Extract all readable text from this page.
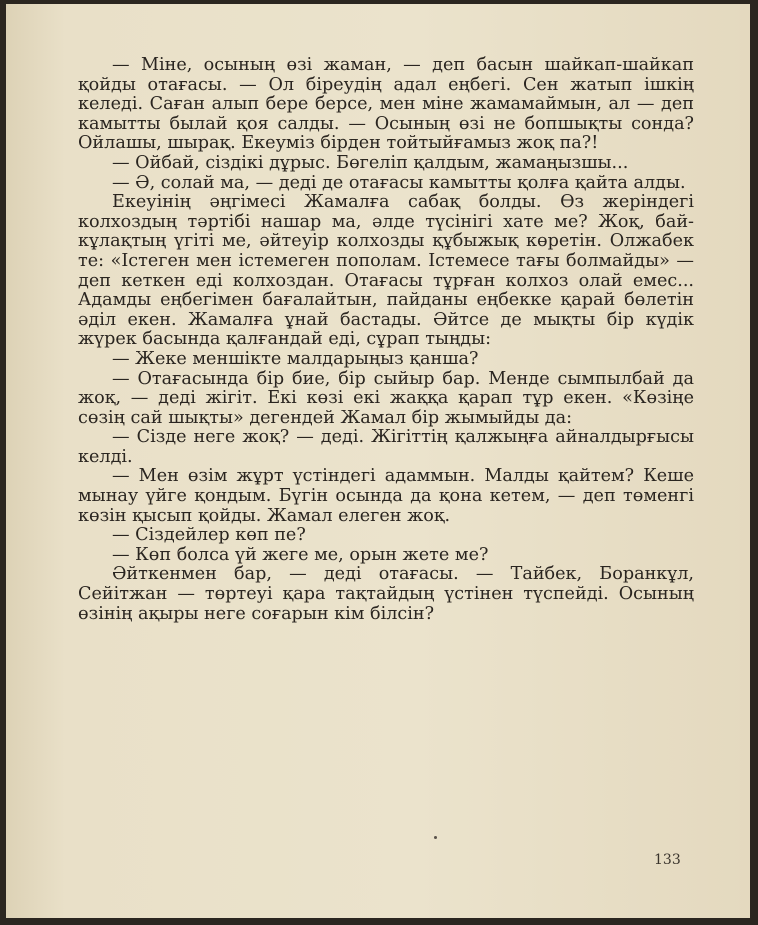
— Міне, осының өзі жаман, — деп басын шайкап-шайкап қойды отағасы. — Ол біреудің адал еңбегі. Сен жатып ішкің келеді. Саған алып бере берсе, мен міне жамамаймын, ал — деп камытты былай қоя салды. — Осының өзі не бопшықты сонда? Ойлашы, шырақ. Екеуміз бірден тойтыйғамыз жоқ па?!

— Ойбай, сіздікі дұрыс. Бөгеліп қалдым, жамаңызшы...

— Ә, солай ма, — деді де отағасы камытты қолға қайта алды.

Екеуінің әңгімесі Жамалға сабақ болды. Өз жеріндегі колхоздың тәртібі нашар ма, әлде түсінігі хате ме? Жоқ, бай-кұлақтың үгіті ме, әйтеуір колхозды құбыжық көретін. Олжабек те: «Істеген мен істемеген пополам. Істемесе тағы болмайды» — деп кеткен еді колхоздан. Отағасы тұрған колхоз олай емес... Адамды еңбегімен бағалайтын, пайданы еңбекке қарай бөлетін әділ екен. Жамалға ұнай бастады. Әйтсе де мықты бір күдік жүрек басында қалғандай еді, сұрап тыңды:

— Жеке меншікте малдарыңыз қанша?

— Отағасында бір бие, бір сыйыр бар. Менде сымпылбай да жоқ, — деді жігіт. Екі көзі екі жаққа қарап тұр екен. «Көзіңе сөзің сай шықты» дегендей Жамал бір жымыйды да:

— Сізде неге жоқ? — деді. Жігіттің қалжыңға айналдырғысы келді.

— Мен өзім жұрт үстіндегі адаммын. Малды қайтем? Кеше мынау үйге қондым. Бүгін осында да қона кетем, — деп төменгі көзін қысып қойды. Жамал елеген жоқ.

— Сіздейлер көп пе?

— Көп болса үй жеге ме, орын жете ме?

Әйткенмен бар, — деді отағасы. — Тайбек, Боранкұл, Сейітжан — төртеуі қара тақтайдың үстінен түспейді. Осының өзінің ақыры неге соғарын кім білсін?

133
